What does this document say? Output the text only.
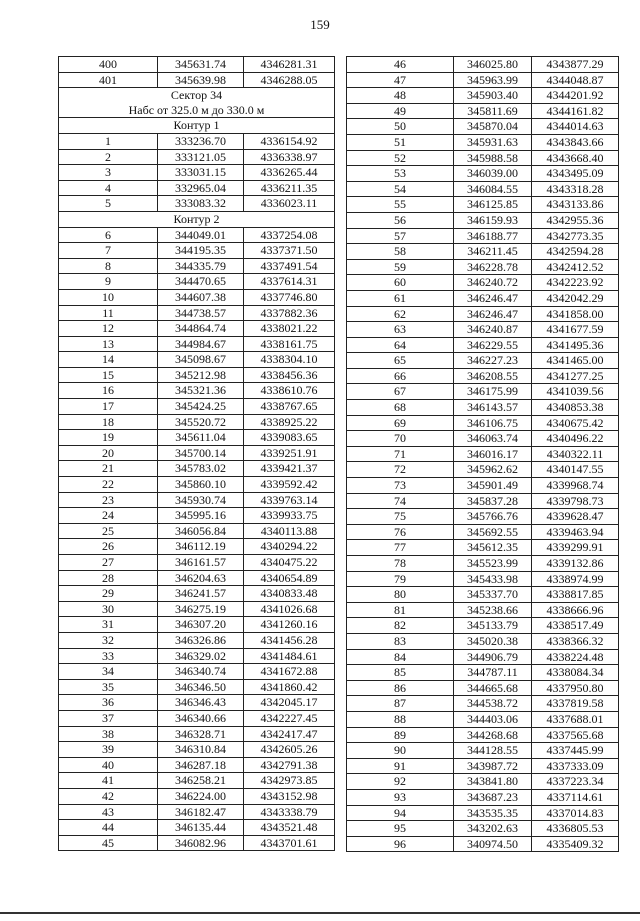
159
400	345631.74	4346281.31
401	345639.98	4346288.05
Сектор 34		
Набс от 325.0 м до 330.0 м		
Контур 1		
1	333236.70	4336154.92
2	333121.05	4336338.97
3	333031.15	4336265.44
4	332965.04	4336211.35
5	333083.32	4336023.11
Контур 2		
6	344049.01	4337254.08
7	344195.35	4337371.50
8	344335.79	4337491.54
9	344470.65	4337614.31
10	344607.38	4337746.80
11	344738.57	4337882.36
12	344864.74	4338021.22
13	344984.67	4338161.75
14	345098.67	4338304.10
15	345212.98	4338456.36
16	345321.36	4338610.76
17	345424.25	4338767.65
18	345520.72	4338925.22
19	345611.04	4339083.65
20	345700.14	4339251.91
21	345783.02	4339421.37
22	345860.10	4339592.42
23	345930.74	4339763.14
24	345995.16	4339933.75
25	346056.84	4340113.88
26	346112.19	4340294.22
27	346161.57	4340475.22
28	346204.63	4340654.89
29	346241.57	4340833.48
30	346275.19	4341026.68
31	346307.20	4341260.16
32	346326.86	4341456.28
33	346329.02	4341484.61
34	346340.74	4341672.88
35	346346.50	4341860.42
36	346346.43	4342045.17
37	346340.66	4342227.45
38	346328.71	4342417.47
39	346310.84	4342605.26
40	346287.18	4342791.38
41	346258.21	4342973.85
42	346224.00	4343152.98
43	346182.47	4343338.79
44	346135.44	4343521.48
45	346082.96	4343701.61
46	346025.80	4343877.29
47	345963.99	4344048.87
48	345903.40	4344201.92
49	345811.69	4344161.82
50	345870.04	4344014.63
51	345931.63	4343843.66
52	345988.58	4343668.40
53	346039.00	4343495.09
54	346084.55	4343318.28
55	346125.85	4343133.86
56	346159.93	4342955.36
57	346188.77	4342773.35
58	346211.45	4342594.28
59	346228.78	4342412.52
60	346240.72	4342223.92
61	346246.47	4342042.29
62	346246.47	4341858.00
63	346240.87	4341677.59
64	346229.55	4341495.36
65	346227.23	4341465.00
66	346208.55	4341277.25
67	346175.99	4341039.56
68	346143.57	4340853.38
69	346106.75	4340675.42
70	346063.74	4340496.22
71	346016.17	4340322.11
72	345962.62	4340147.55
73	345901.49	4339968.74
74	345837.28	4339798.73
75	345766.76	4339628.47
76	345692.55	4339463.94
77	345612.35	4339299.91
78	345523.99	4339132.86
79	345433.98	4338974.99
80	345337.70	4338817.85
81	345238.66	4338666.96
82	345133.79	4338517.49
83	345020.38	4338366.32
84	344906.79	4338224.48
85	344787.11	4338084.34
86	344665.68	4337950.80
87	344538.72	4337819.58
88	344403.06	4337688.01
89	344268.68	4337565.68
90	344128.55	4337445.99
91	343987.72	4337333.09
92	343841.80	4337223.34
93	343687.23	4337114.61
94	343535.35	4337014.83
95	343202.63	4336805.53
96	340974.50	4335409.32
